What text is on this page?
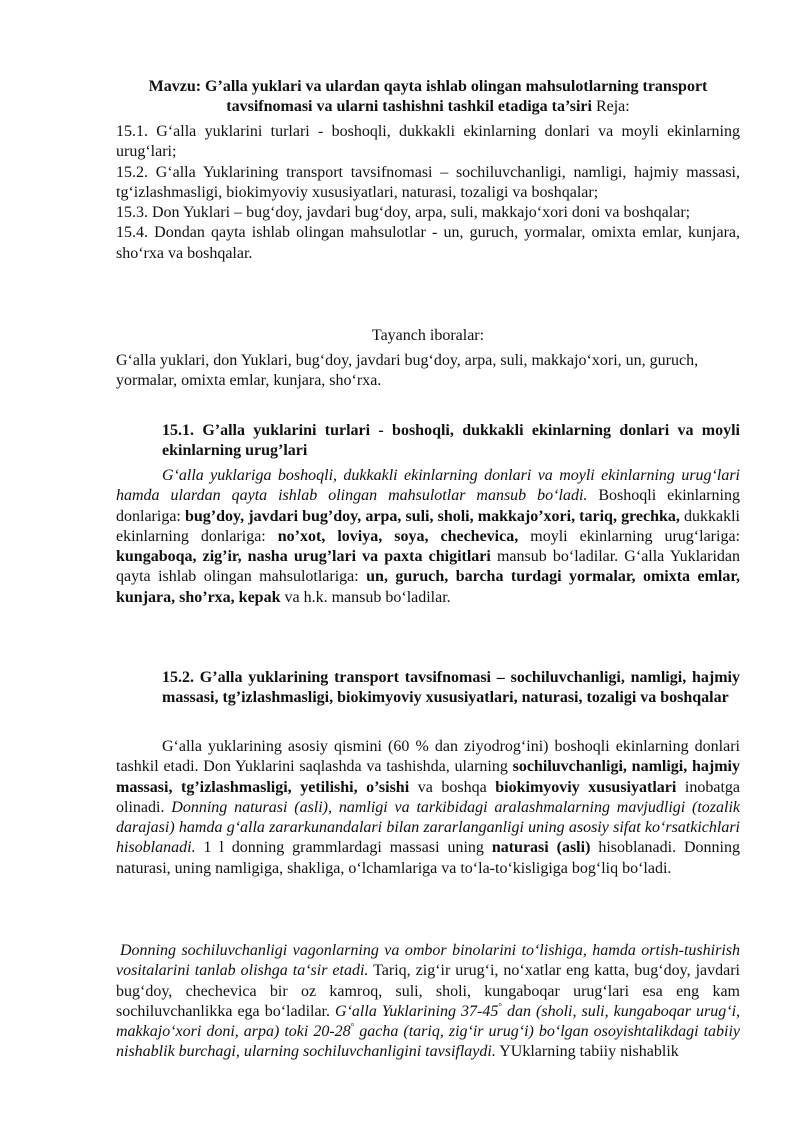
Mavzu: G’alla yuklari va ulardan qayta ishlab olingan mahsulotlarning transport tavsifnomasi va ularni tashishni tashkil etadiga ta’siri Reja:

15.1. G‘alla yuklarini turlari - boshoqli, dukkakli ekinlarning donlari va moyli ekinlarning urug‘lari;

15.2. G‘alla Yuklarining transport tavsifnomasi – sochiluvchanligi, namligi, hajmiy massasi, tg‘izlashmasligi, biokimyoviy xususiyatlari, naturasi, tozaligi va boshqalar;

15.3. Don Yuklari – bug‘doy, javdari bug‘doy, arpa, suli, makkajo‘xori doni va boshqalar;

15.4. Dondan qayta ishlab olingan mahsulotlar - un, guruch, yormalar, omixta emlar, kunjara, sho‘rxa va boshqalar.

Tayanch iboralar:
G‘alla yuklari, don Yuklari, bug‘doy, javdari bug‘doy, arpa, suli, makkajo‘xori, un, guruch, yormalar, omixta emlar, kunjara, sho‘rxa.
15.1. G’alla yuklarini turlari - boshoqli, dukkakli ekinlarning donlari va moyli ekinlarning urug’lari
G‘alla yuklariga boshoqli, dukkakli ekinlarning donlari va moyli ekinlarning urug‘lari hamda ulardan qayta ishlab olingan mahsulotlar mansub bo‘ladi. Boshoqli ekinlarning donlariga: bug’doy, javdari bug’doy, arpa, suli, sholi, makkajo’xori, tariq, grechka, dukkakli ekinlarning donlariga: no’xot, loviya, soya, chechevica, moyli ekinlarning urug‘lariga: kungaboqa, zig’ir, nasha urug’lari va paxta chigitlari mansub bo‘ladilar. G‘alla Yuklaridan qayta ishlab olingan mahsulotlariga: un, guruch, barcha turdagi yormalar, omixta emlar, kunjara, sho’rxa, kepak va h.k. mansub bo‘ladilar.
15.2. G’alla yuklarining transport tavsifnomasi – sochiluvchanligi, namligi, hajmiy massasi, tg’izlashmasligi, biokimyoviy xususiyatlari, naturasi, tozaligi va boshqalar
G‘alla yuklarining asosiy qismini (60 % dan ziyodrog‘ini) boshoqli ekinlarning donlari tashkil etadi. Don Yuklarini saqlashda va tashishda, ularning sochiluvchanligi, namligi, hajmiy massasi, tg’izlashmasligi, yetilishi, o’sishi va boshqa biokimyoviy xususiyatlari inobatga olinadi. Donning naturasi (asli), namligi va tarkibidagi aralashmalarning mavjudligi (tozalik darajasi) hamda g‘alla zararkunandalari bilan zararlanganligi uning asosiy sifat ko‘rsatkichlari hisoblanadi. 1 l donning grammlardagi massasi uning naturasi (asli) hisoblanadi. Donning naturasi, uning namligiga, shakliga, o‘lchamlariga va to‘la-to‘kisligiga bog‘liq bo‘ladi.
Donning sochiluvchanligi vagonlarning va ombor binolarini to‘lishiga, hamda ortish-tushirish vositalarini tanlab olishga ta‘sir etadi. Tariq, zig‘ir urug‘i, no‘xatlar eng katta, bug‘doy, javdari bug‘doy, chechevica bir oz kamroq, suli, sholi, kungaboqar urug‘lari esa eng kam sochiluvchanlikka ega bo‘ladilar. G‘alla Yuklarining 37-45° dan (sholi, suli, kungaboqar urug‘i, makkajo‘xori doni, arpa) toki 20-28° gacha (tariq, zig‘ir urug‘i) bo‘lgan osoyishtalikdagi tabiiy nishablik burchagi, ularning sochiluvchanligini tavsiflaydi. YUklarning tabiiy nishablik
